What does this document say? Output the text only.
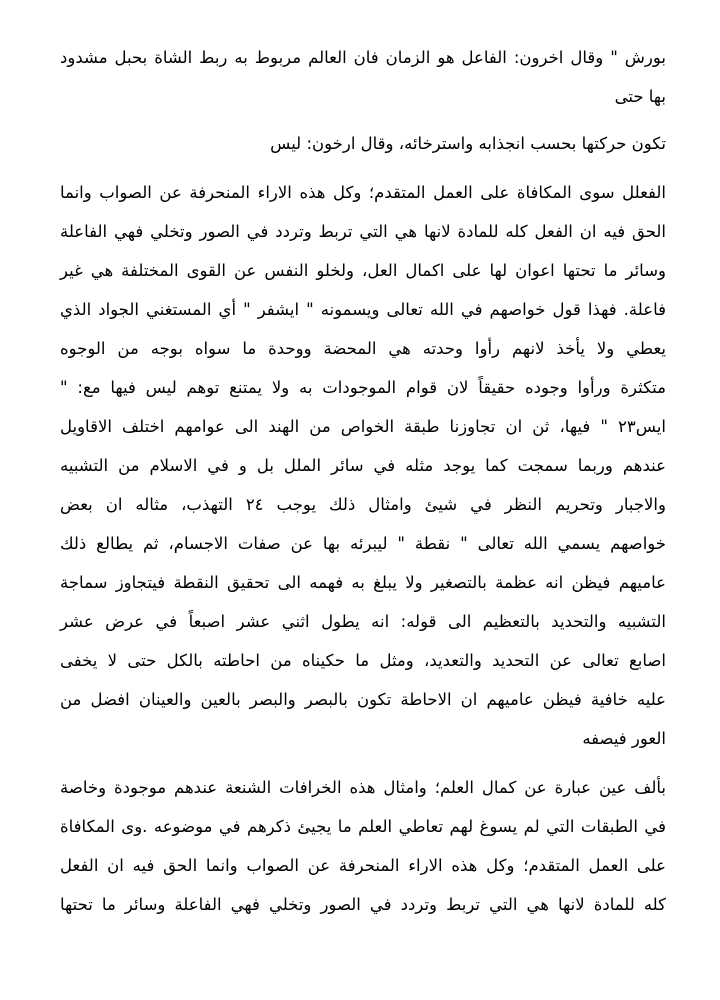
بورش " وقال اخرون: الفاعل هو الزمان فان العالم مربوط به ربط الشاة بحبل مشدود
بها حتى

تكون حركتها بحسب انجذابه واسترخائه، وقال ارخون: ليس

الفعلل سوى المكافاة على العمل المتقدم؛ وكل هذه الاراء المنحرفة عن الصواب وانما
الحق فيه ان الفعل كله للمادة لانها هي التي تربط وتردد في الصور وتخلي فهي الفاعلة
وسائر ما تحتها اعوان لها على اكمال العل، ولخلو النفس عن القوى المختلفة هي غير
فاعلة. فهذا قول خواصهم في الله تعالى ويسمونه " ايشفر " أي المستغني الجواد الذي
يعطي ولا يأخذ لانهم رأوا وحدته هي المحضة ووحدة ما سواه بوجه من الوجوه
متكثرة ورأوا وجوده حقيقاً لان قوام الموجودات به ولا يمتنع توهم ليس فيها مع: "
ايس٢٣ " فيها، ثن ان تجاوزنا طبقة الخواص من الهند الى عوامهم اختلف الاقاويل
عندهم وربما سمجت كما يوجد مثله في سائر الملل بل و في الاسلام من التشبيه
والاجبار وتحريم النظر في شيئ وامثال ذلك يوجب ٢٤ التهذب، مثاله ان بعض
خواصهم يسمي الله تعالى " نقطة " ليبرئه بها عن صفات الاجسام، ثم يطالع ذلك
عاميهم فيظن انه عظمة بالتصغير ولا يبلغ به فهمه الى تحقيق النقطة فيتجاوز سماجة
التشبيه والتحديد بالتعظيم الى قوله: انه يطول اثني عشر اصبعاً في عرض عشر
اصابع تعالى عن التحديد والتعديد، ومثل ما حكيناه من احاطته بالكل حتى لا يخفى
عليه خافية فيظن عاميهم ان الاحاطة تكون بالبصر والبصر بالعين والعينان افضل من
العور فيصفه

بألف عين عبارة عن كمال العلم؛ وامثال هذه الخرافات الشنعة عندهم موجودة وخاصة
في الطبقات التي لم يسوغ لهم تعاطي العلم ما يجيئ ذكرهم في موضوعه .وى المكافاة
على العمل المتقدم؛ وكل هذه الاراء المنحرفة عن الصواب وانما الحق فيه ان الفعل
كله للمادة لانها هي التي تربط وتردد في الصور وتخلي فهي الفاعلة وسائر ما تحتها
